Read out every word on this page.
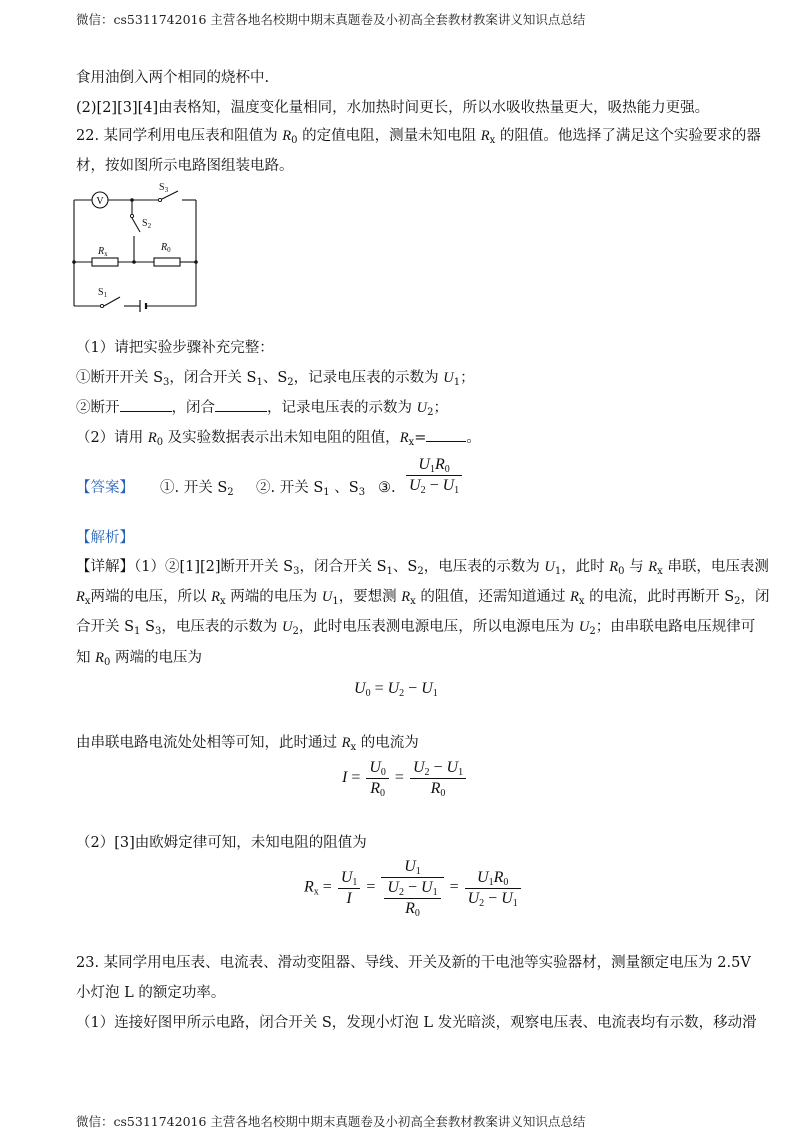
微信：cs5311742016 主营各地名校期中期末真题卷及小初高全套教材教案讲义知识点总结
食用油倒入两个相同的烧杯中.
(2)[2][3][4]由表格知，温度变化量相同，水加热时间更长，所以水吸收热量更大，吸热能力更强。
22. 某同学利用电压表和阻值为 $R_0$ 的定值电阻，测量未知电阻 $R_x$ 的阻值。他选择了满足这个实验要求的器
材，按如图所示电路图组装电路。
V
$S_3$
$S_2$
$S_1$
$R_x$
$R_0$
（1）请把实验步骤补充完整：
①断开开关 $S_3$，闭合开关 $S_1$、$S_2$，记录电压表的示数为 $U_1$；
②断开	，闭合	，记录电压表的示数为 $U_2$；
（2）请用 $R_0$ 及实验数据表示出未知电阻的阻值，$R_x=$	。
【答案】 ①. 开关 $S_2$ ②. 开关 $S_1$ 、$S_3$ ③. $\frac{U_1R_0}{U_2 - U_1}$
【解析】
【详解】（1）②[1][2]断开开关 $S_3$，闭合开关 $S_1$、$S_2$，电压表的示数为 $U_1$，此时 $R_0$ 与 $R_x$ 串联，电压表测
$R_x$两端的电压，所以 $R_x$ 两端的电压为 $U_1$，要想测 $R_x$ 的阻值，还需知道通过 $R_x$ 的电流，此时再断开 $S_2$，闭
合开关 $S_1$ $S_3$，电压表的示数为 $U_2$，此时电压表测电源电压，所以电源电压为 $U_2$；由串联电路电压规律可
知 $R_0$ 两端的电压为
$U_0 = U_2 - U_1$
由串联电路电流处处相等可知，此时通过 $R_x$ 的电流为
$I = \frac{U_0}{R_0} = \frac{U_2 - U_1}{R_0}$
（2）[3]由欧姆定律可知，未知电阻的阻值为
$R_x = \frac{U_1}{I} = \frac{U_1}{\frac{U_2 - U_1}{R_0}} = \frac{U_1R_0}{U_2 - U_1}$
23. 某同学用电压表、电流表、滑动变阻器、导线、开关及新的干电池等实验器材，测量额定电压为 2.5V
小灯泡 L 的额定功率。
（1）连接好图甲所示电路，闭合开关 S，发现小灯泡 L 发光暗淡，观察电压表、电流表均有示数，移动滑
微信：cs5311742016 主营各地名校期中期末真题卷及小初高全套教材教案讲义知识点总结
